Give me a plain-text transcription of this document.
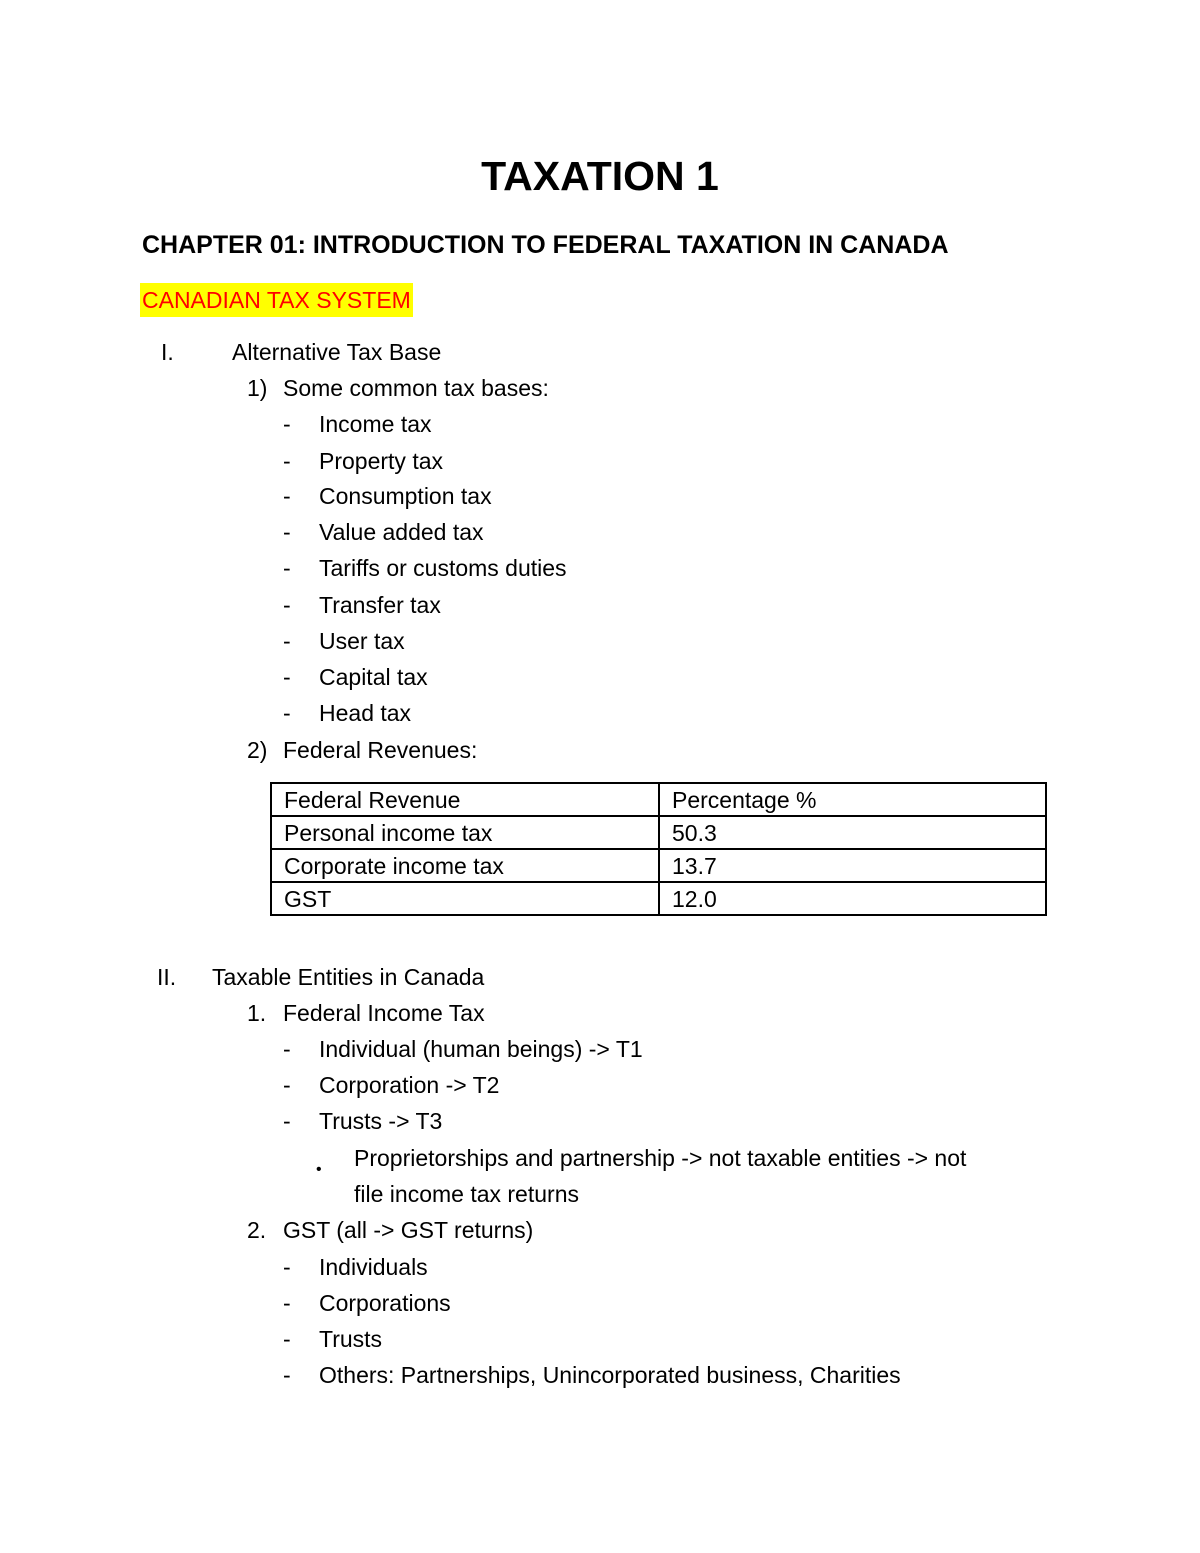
TAXATION 1
CHAPTER 01: INTRODUCTION TO FEDERAL TAXATION IN CANADA
CANADIAN TAX SYSTEM
I.	Alternative Tax Base
1) Some common tax bases:
- Income tax
- Property tax
- Consumption tax
- Value added tax
- Tariffs or customs duties
- Transfer tax
- User tax
- Capital tax
- Head tax
2) Federal Revenues:
Federal Revenue	Percentage %
Personal income tax	50.3
Corporate income tax	13.7
GST	12.0
II. Taxable Entities in Canada
1. Federal Income Tax
- Individual (human beings) -> T1
- Corporation -> T2
- Trusts -> T3
• Proprietorships and partnership -> not taxable entities -> not
file income tax returns
2. GST (all -> GST returns)
- Individuals
- Corporations
- Trusts
- Others: Partnerships, Unincorporated business, Charities
